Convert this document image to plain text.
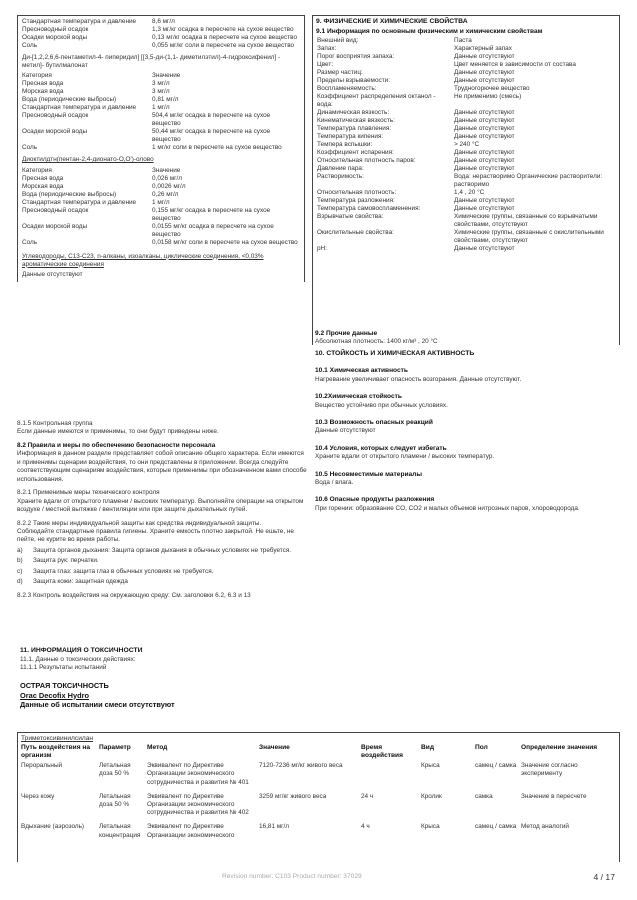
Стандартная температура и давление	8,6 мг/л
Пресноводный осадок	1,3 мг/кг осадка в пересчете на сухое вещество
Осадки морской воды	0,13 мг/кг осадка в пересчете на сухое вещество
Соль	0,055 мг/кг соли в пересчете на сухое вещество
Ди-[1,2,2,6,6-пентаметил-4- пиперидил] [[3,5-ди-(1,1- диметилэтил)-4-гидроксифенил] - метил]- бутилмалонат
Категория	Значение
Пресная вода	3 мг/л
Морская вода	3 мг/л
Вода (периодические выбросы)	0,81 мг/л
Стандартная температура и давление	1 мг/л
Пресноводный осадок	504,4 мг/кг осадка в пересчете на сухое вещество
Осадки морской воды	50,44 мг/кг осадка в пересчете на сухое вещество
Соль	1 мг/кг соли в пересчете на сухое вещество
Диоктилдтн(пентан-2,4-дионато-О,О')-олово
Категория	Значение
Пресная вода	0,026 мг/л
Морская вода	0,0026 мг/л
Вода (периодические выбросы)	0,26 мг/л
Стандартная температура и давление	1 мг/л
Пресноводный осадок	0,155 мг/кг осадка в пересчете на сухое вещество
Осадки морской воды	0,0155 мг/кг осадка в пересчете на сухое вещество
Соль	0,0158 мг/кг соли в пересчете на сухое вещество
Углеводороды, C13-C23, n-алканы, изоалканы, циклические соединения, <0,03% ароматические соединения
Данные отсутствуют
9. ФИЗИЧЕСКИЕ И ХИМИЧЕСКИЕ СВОЙСТВА
9.1 Информация по основным физическим и химическим свойствам
Внешний вид:	Паста
Запах:	Характерный запах
Порог восприятия запаха:	Данные отсутствуют
Цвет:	Цвет меняется в зависимости от состава
Размер частиц:	Данные отсутствуют
Пределы взрываемости:	Данные отсутствуют
Воспламеняемость:	Трудногорючее вещество
Коэффициент распределения октанол - вода:	Не применимо (смесь)
Динамическая вязкость:	Данные отсутствуют
Кинематическая вязкость:	Данные отсутствуют
Температура плавления:	Данные отсутствуют
Температура кипения:	Данные отсутствуют
Темпера вспышки:	> 240 °C
Коэффициент испарения:	Данные отсутствуют
Относительная плотность паров:	Данные отсутствуют
Давление пара:	Данные отсутствуют
Растворимость:	Вода: нерастворимо Органические растворители: растворимо
Относительная плотность:	1,4 , 20 °C
Температура разложения:	Данные отсутствуют
Температура самовоспламенения:	Данные отсутствуют
Взрывчатые свойства:	Химические группы, связанные со взрывчатыми свойствами, отсутствуют
Окислительные свойства:	Химические группы, связанные с окислительными свойствами, отсутствуют
pH:	Данные отсутствуют
9.2 Прочие данные
Абсолютная плотность: 1400 кг/м³ , 20 °C
10. СТОЙКОСТЬ И ХИМИЧЕСКАЯ АКТИВНОСТЬ
10.1 Химическая активность
Нагревание увеличивает опасность возгорания. Данные отсутствуют.
10.2Химическая стойкость
Вещество устойчиво при обычных условиях.
10.3 Возможность опасных реакций
Данные отсутствуют
10.4 Условия, которых следует избегать
Храните вдали от открытого пламени / высоких температур.
10.5 Несовместимые материалы
Вода / влага.
10.6 Опасные продукты разложения
При горении: образование CO, CO2 и малых объемов нитрозных паров, хлороводорода.
8.1.5 Контрольная группа
Если данные имеются и применимы, то они будут приведены ниже.
8.2 Правила и меры по обеспечению безопасности персонала
Информация в данном разделе представляет собой описание общего характера. Если имеются и применимы сценарии воздействия, то они представлены в приложении. Всегда следуйте соответствующим сценариям воздействия, которые применимы при обозначенном вами способе использования.
8.2.1 Применимые меры технического контроля
Храните вдали от открытого пламени / высоких температур. Выполняйте операции на открытом воздухе / местной вытяжке / вентиляции или при защите дыхательных путей.
8.2.2 Такие меры индивидуальной защиты как средства индивидуальной защиты.
Соблюдайте стандартные правила гигиены. Храните емкость плотно закрытой. Не ешьте, не пейте, не курите во время работы.
a)	Защита органов дыхания: Защита органов дыхания в обычных условиях не требуется.
b)	Защита рук: перчатки.
c)	Защита глаз: защита глаз в обычных условиях не требуется.
d)	Защита кожи: защитная одежда
8.2.3 Контроль воздействия на окружающую среду: См. заголовки 6.2, 6.3 и 13
11. ИНФОРМАЦИЯ О ТОКСИЧНОСТИ
11.1. Данные о токсических действиях:
11.1.1 Результаты испытаний
ОСТРАЯ ТОКСИЧНОСТЬ
Orac Decofix Hydro
Данные об испытании смеси отсутствуют
Триметоксивинилсилан
Путь воздействия на организм	Параметр	Метод	Значение	Время воздействия	Вид	Пол	Определение значения
Пероральный	Летальная доза 50 %	Эквивалент по Директиве Организации экономического сотрудничества и развития № 401	7120-7236 мг/кг живого веса		Крыса	самец / самка	Значение согласно эксперименту
Через кожу	Летальная доза 50 %	Эквивалент по Директиве Организации экономического сотрудничества и развития № 402	3259 мг/кг живого веса	24 ч	Кролик	самка	Значение в пересчете
Вдыхание (аэрозоль)	Летальная концентрация	Эквивалент по Директиве Организации экономического	16,81 мг/л	4 ч	Крыса	самец / самка	Метод аналогий
Revision number: C103 Product number: 37029	4 / 17
